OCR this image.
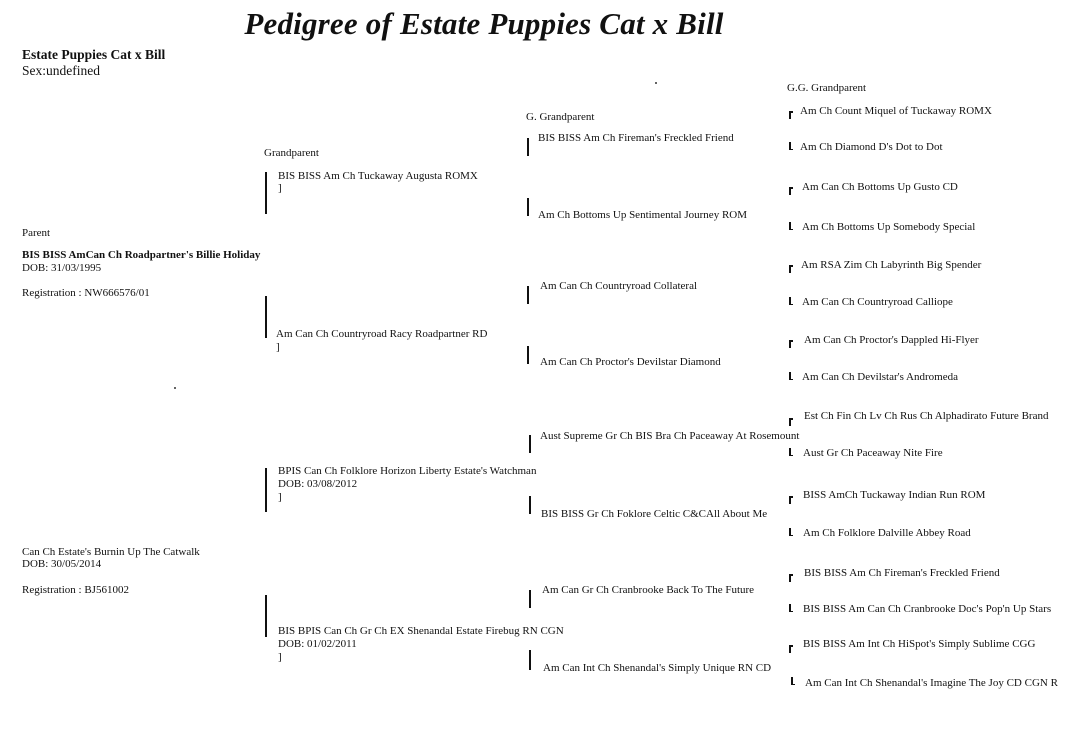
Pedigree of Estate Puppies Cat x Bill
Estate Puppies Cat x Bill
Sex:undefined
Parent
Grandparent
G. Grandparent
G.G. Grandparent
BIS BISS AmCan Ch Roadpartner's Billie Holiday
DOB: 31/03/1995
Registration : NW666576/01
Can Ch Estate's Burnin Up The Catwalk
DOB: 30/05/2014
Registration : BJ561002
BIS BISS Am Ch Tuckaway Augusta ROMX
]
Am Can Ch Countryroad Racy Roadpartner RD
]
BPIS Can Ch Folklore Horizon Liberty Estate's Watchman
DOB: 03/08/2012
]
BIS BPIS Can Ch Gr Ch EX Shenandal Estate Firebug RN CGN
DOB: 01/02/2011
]
BIS BISS Am Ch Fireman's Freckled Friend
Am Ch Bottoms Up Sentimental Journey ROM
Am Can Ch Countryroad Collateral
Am Can Ch Proctor's Devilstar Diamond
Aust Supreme Gr Ch BIS Bra Ch Paceaway At Rosemount
BIS BISS Gr Ch Foklore Celtic C&CAll About Me
Am Can Gr Ch Cranbrooke Back To The Future
Am Can Int Ch Shenandal's Simply Unique RN CD
Am Ch Count Miquel of Tuckaway ROMX
Am Ch Diamond D's Dot to Dot
Am Can Ch Bottoms Up Gusto CD
Am Ch Bottoms Up Somebody Special
Am RSA Zim Ch Labyrinth Big Spender
Am Can Ch Countryroad Calliope
Am Can Ch Proctor's Dappled Hi-Flyer
Am Can Ch Devilstar's Andromeda
Est Ch Fin Ch Lv Ch Rus Ch Alphadirato Future Brand
Aust Gr Ch Paceaway Nite Fire
BISS AmCh Tuckaway Indian Run ROM
Am Ch Folklore Dalville Abbey Road
BIS BISS Am Ch Fireman's Freckled Friend
BIS BISS Am Can Ch Cranbrooke Doc's Pop'n Up Stars
BIS BISS Am Int Ch HiSpot's Simply Sublime CGG
Am Can Int Ch Shenandal's Imagine The Joy CD CGN R
